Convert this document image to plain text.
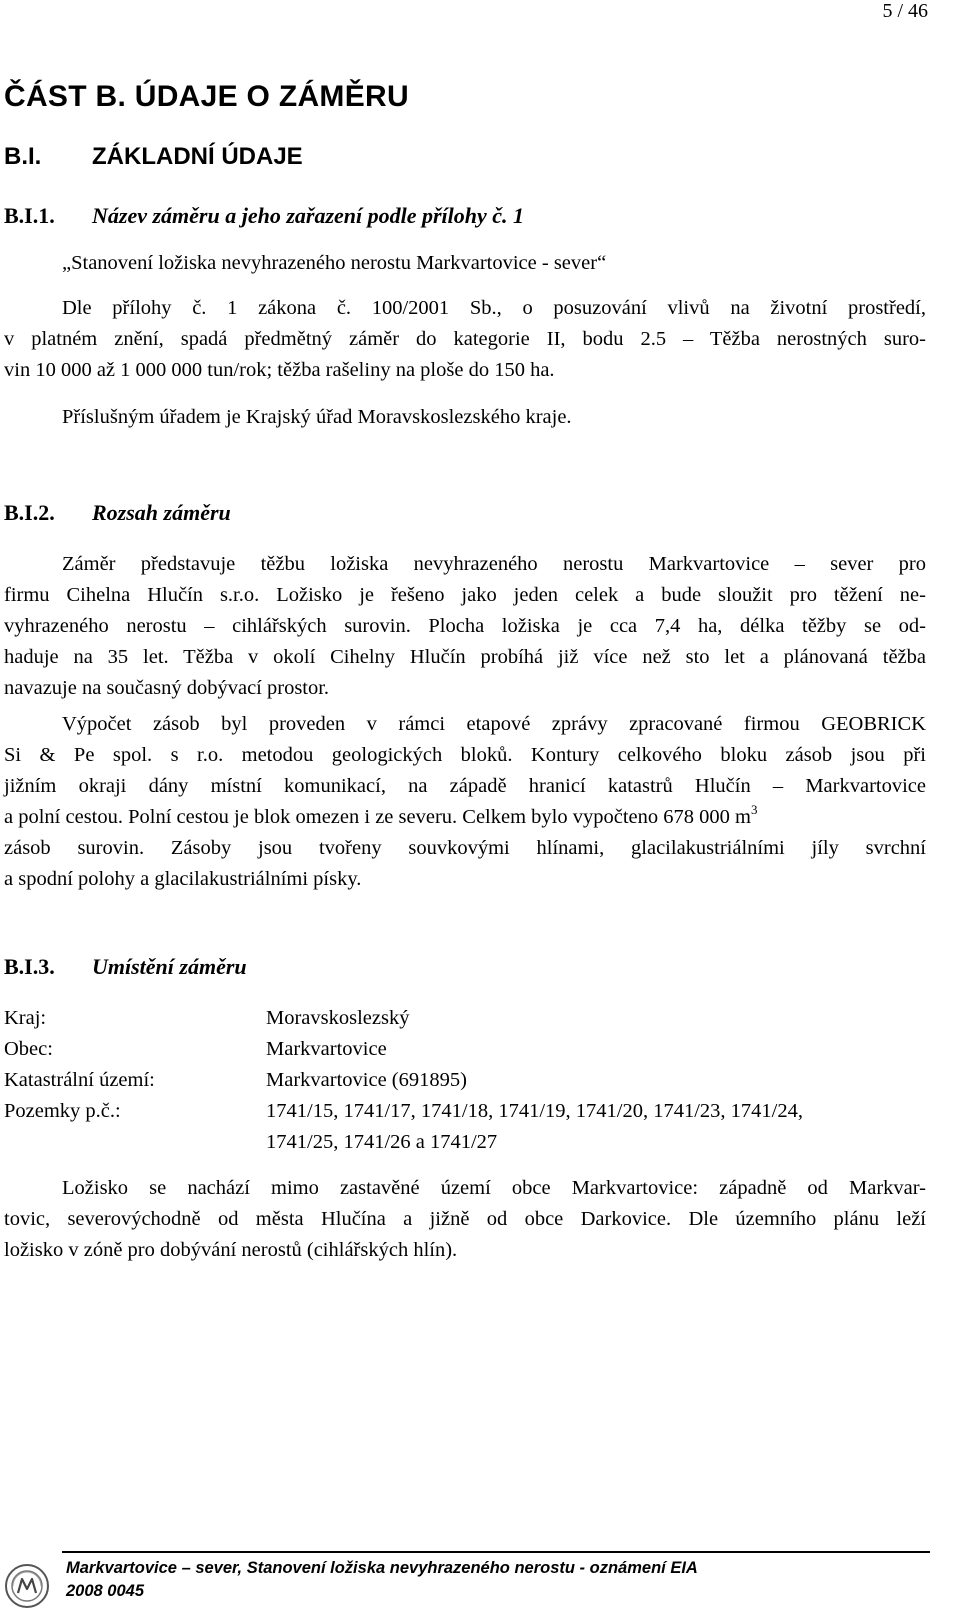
5 / 46
ČÁST B. ÚDAJE O ZÁMĚRU
B.I. ZÁKLADNÍ ÚDAJE
B.I.1. Název záměru a jeho zařazení podle přílohy č. 1

„Stanovení ložiska nevyhrazeného nerostu Markvartovice - sever“

Dle přílohy č. 1 zákona č. 100/2001 Sb., o posuzování vlivů na životní prostředí,
v platném znění, spadá předmětný záměr do kategorie II, bodu 2.5 – Těžba nerostných suro-
vin 10 000 až 1 000 000 tun/rok; těžba rašeliny na ploše do 150 ha.

Příslušným úřadem je Krajský úřad Moravskoslezského kraje.

B.I.2. Rozsah záměru

Záměr představuje těžbu ložiska nevyhrazeného nerostu Markvartovice – sever pro
firmu Cihelna Hlučín s.r.o. Ložisko je řešeno jako jeden celek a bude sloužit pro těžení ne-
vyhrazeného nerostu – cihlářských surovin. Plocha ložiska je cca 7,4 ha, délka těžby se od-
haduje na 35 let. Těžba v okolí Cihelny Hlučín probíhá již více než sto let a plánovaná těžba
navazuje na současný dobývací prostor.

Výpočet zásob byl proveden v rámci etapové zprávy zpracované firmou GEOBRICK
Si & Pe spol. s r.o. metodou geologických bloků. Kontury celkového bloku zásob jsou při
jižním okraji dány místní komunikací, na západě hranicí katastrů Hlučín – Markvartovice
a polní cestou. Polní cestou je blok omezen i ze severu. Celkem bylo vypočteno 678 000 $m^3$
zásob surovin. Zásoby jsou tvořeny souvkovými hlínami, glacilakustriálními jíly svrchní
a spodní polohy a glacilakustriálními písky.

B.I.3. Umístění záměru
Kraj:	Moravskoslezský
Obec:	Markvartovice
Katastrální území:	Markvartovice (691895)
Pozemky p.č.:	1741/15, 1741/17, 1741/18, 1741/19, 1741/20, 1741/23, 1741/24,
1741/25, 1741/26 a 1741/27

Ložisko se nachází mimo zastavěné území obce Markvartovice: západně od Markvar-
tovic, severovýchodně od města Hlučína a jižně od obce Darkovice. Dle územního plánu leží
ložisko v zóně pro dobývání nerostů (cihlářských hlín).

Markvartovice – sever, Stanovení ložiska nevyhrazeného nerostu - oznámení EIA
2008 0045
